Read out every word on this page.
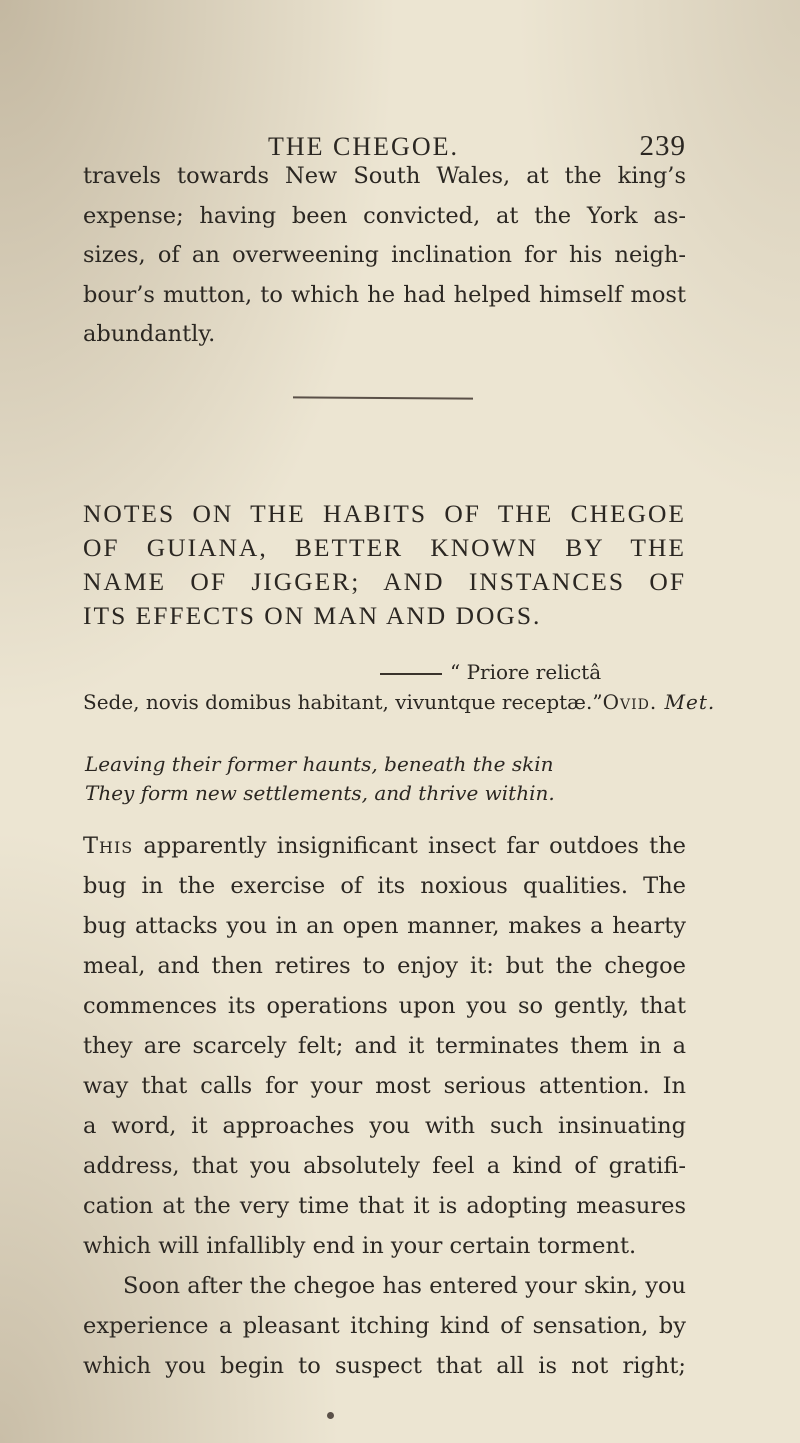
THE CHEGOE.	239
travels towards New South Wales, at the king’s
expense; having been convicted, at the York as-
sizes, of an overweening inclination for his neigh-
bour’s mutton, to which he had helped himself most
abundantly.
NOTES ON THE HABITS OF THE CHEGOE
OF GUIANA, BETTER KNOWN BY THE
NAME OF JIGGER; AND INSTANCES OF
ITS EFFECTS ON MAN AND DOGS.
“ Priore relictâ
Sede, novis domibus habitant, vivuntque receptæ.” Ovid. Met.
Leaving their former haunts, beneath the skin
They form new settlements, and thrive within.
This apparently insignificant insect far outdoes the
bug in the exercise of its noxious qualities. The
bug attacks you in an open manner, makes a hearty
meal, and then retires to enjoy it: but the chegoe
commences its operations upon you so gently, that
they are scarcely felt; and it terminates them in a
way that calls for your most serious attention. In
a word, it approaches you with such insinuating
address, that you absolutely feel a kind of gratifi-
cation at the very time that it is adopting measures
which will infallibly end in your certain torment.
Soon after the chegoe has entered your skin, you
experience a pleasant itching kind of sensation, by
which you begin to suspect that all is not right;
